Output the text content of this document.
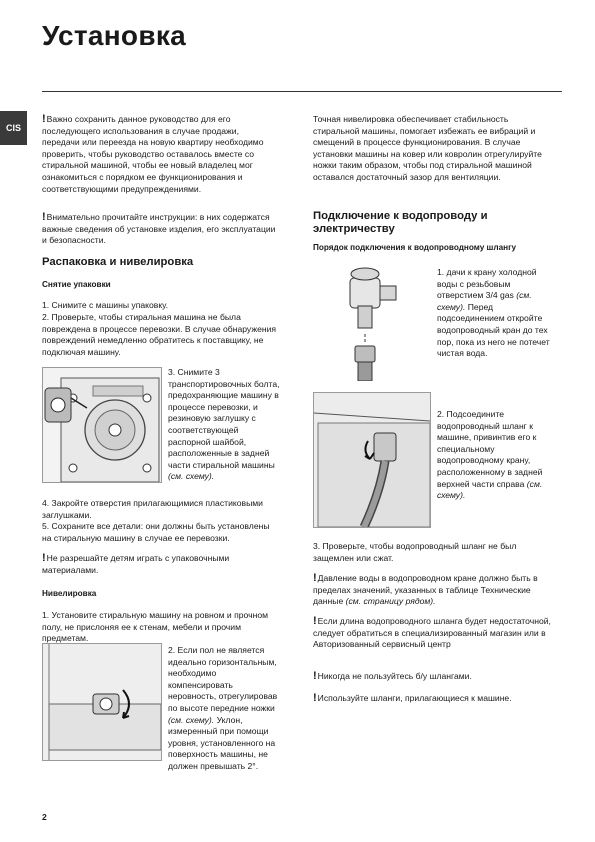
Установка
CIS
!Важно сохранить данное руководство для его последующего использования в случае продажи, передачи или переезда на новую квартиру необходимо проверить, чтобы руководство оставалось вместе со стиральной машиной, чтобы ее новый владелец мог ознакомиться с порядком ее функционирования и соответствующими предупреждениями.
!Внимательно прочитайте инструкции: в них содержатся важные сведения об установке изделия, его эксплуатации и безопасности.
Распаковка и нивелировка
Снятие упаковки
1. Снимите с машины упаковку.
2. Проверьте, чтобы стиральная машина не была повреждена в процессе перевозки. В случае обнаружения повреждений немедленно обратитесь к поставщику, не подключая машину.
3. Снимите 3 транспортировочных болта, предохраняющие машину в процессе перевозки, и резиновую заглушку с соответствующей распорной шайбой, расположенные в задней части стиральной машины (см. схему).
4. Закройте отверстия прилагающимися пластиковыми заглушками.
5. Сохраните все детали: они должны быть установлены на стиральную машину в случае ее перевозки.
!Не разрешайте детям играть с упаковочными материалами.
Нивелировка
1. Установите стиральную машину на ровном и прочном полу, не прислоняя ее к стенам, мебели и прочим предметам.
2. Если пол не является идеально горизонтальным, необходимо компенсировать неровность, отрегулировав по высоте передние ножки (см. схему). Уклон, измеренный при помощи уровня, установленного на поверхность машины, не должен превышать 2°.
Точная нивелировка обеспечивает стабильность стиральной машины, помогает избежать ее вибраций и смещений в процессе функционирования. В случае установки машины на ковер или ковролин отрегулируйте ножки таким образом, чтобы под стиральной машиной оставался достаточный зазор для вентиляции.
Подключение к водопроводу и электричеству
Порядок подключения к водопроводному шлангу
1. дачи к крану холодной воды с резьбовым отверстием 3/4 gas (см. схему). Перед подсоединением откройте водопроводный кран до тех пор, пока из него не потечет чистая вода.
2. Подсоедините водопроводный шланг к машине, привинтив его к специальному водопроводному крану, расположенному в задней верхней части справа (см. схему).
3. Проверьте, чтобы водопроводный шланг не был защемлен или сжат.
!Давление воды в водопроводном кране должно быть в пределах значений, указанных в таблице Технические данные (см. страницу рядом).
!Если длина водопроводного шланга будет недостаточной, следует обратиться в специализированный магазин или в Авторизованный сервисный центр
!Никогда не пользуйтесь б/у шлангами.
!Используйте шланги, прилагающиеся к машине.
2
